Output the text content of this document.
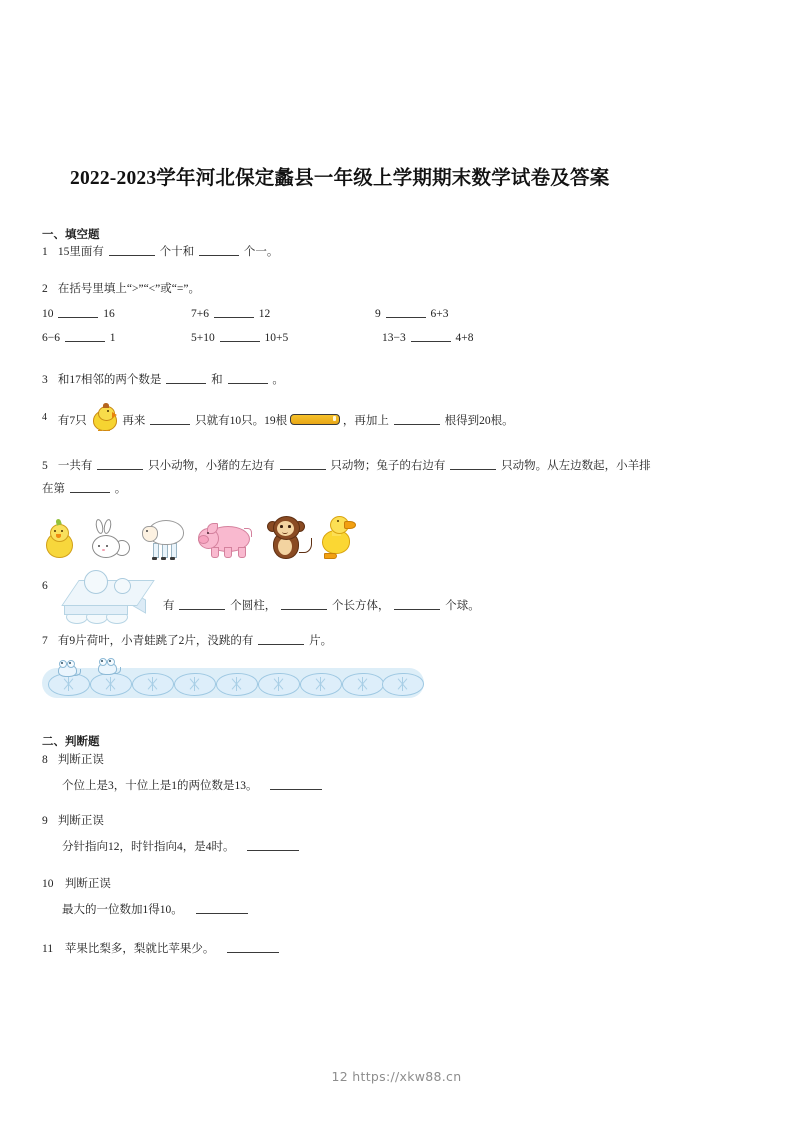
2022-2023学年河北保定蠡县一年级上学期期末数学试卷及答案
一、填空题
1 15里面有	个十和	个一。
2 在括号里填上“>”“<”或“=”。
10	16	7+6	12	9	6+3
6−6	1	5+10	10+5	13−3	4+8
3 和17相邻的两个数是	和	。
4 有7只	再来	只就有10只。19根	，再加上	根得到20根。
5 一共有	只小动物，小猪的左边有	只动物；兔子的右边有	只动物。从左边数起，小羊排
在第	。
6
有	个圆柱，	个长方体，	个球。
7 有9片荷叶，小青蛙跳了2片，没跳的有	片。
二、判断题
8 判断正误
个位上是3，十位上是1的两位数是13。
9 判断正误
分针指向12，时针指向4，是4时。
10 判断正误
最大的一位数加1得10。
11 苹果比梨多，梨就比苹果少。
12 https://xkw88.cn
